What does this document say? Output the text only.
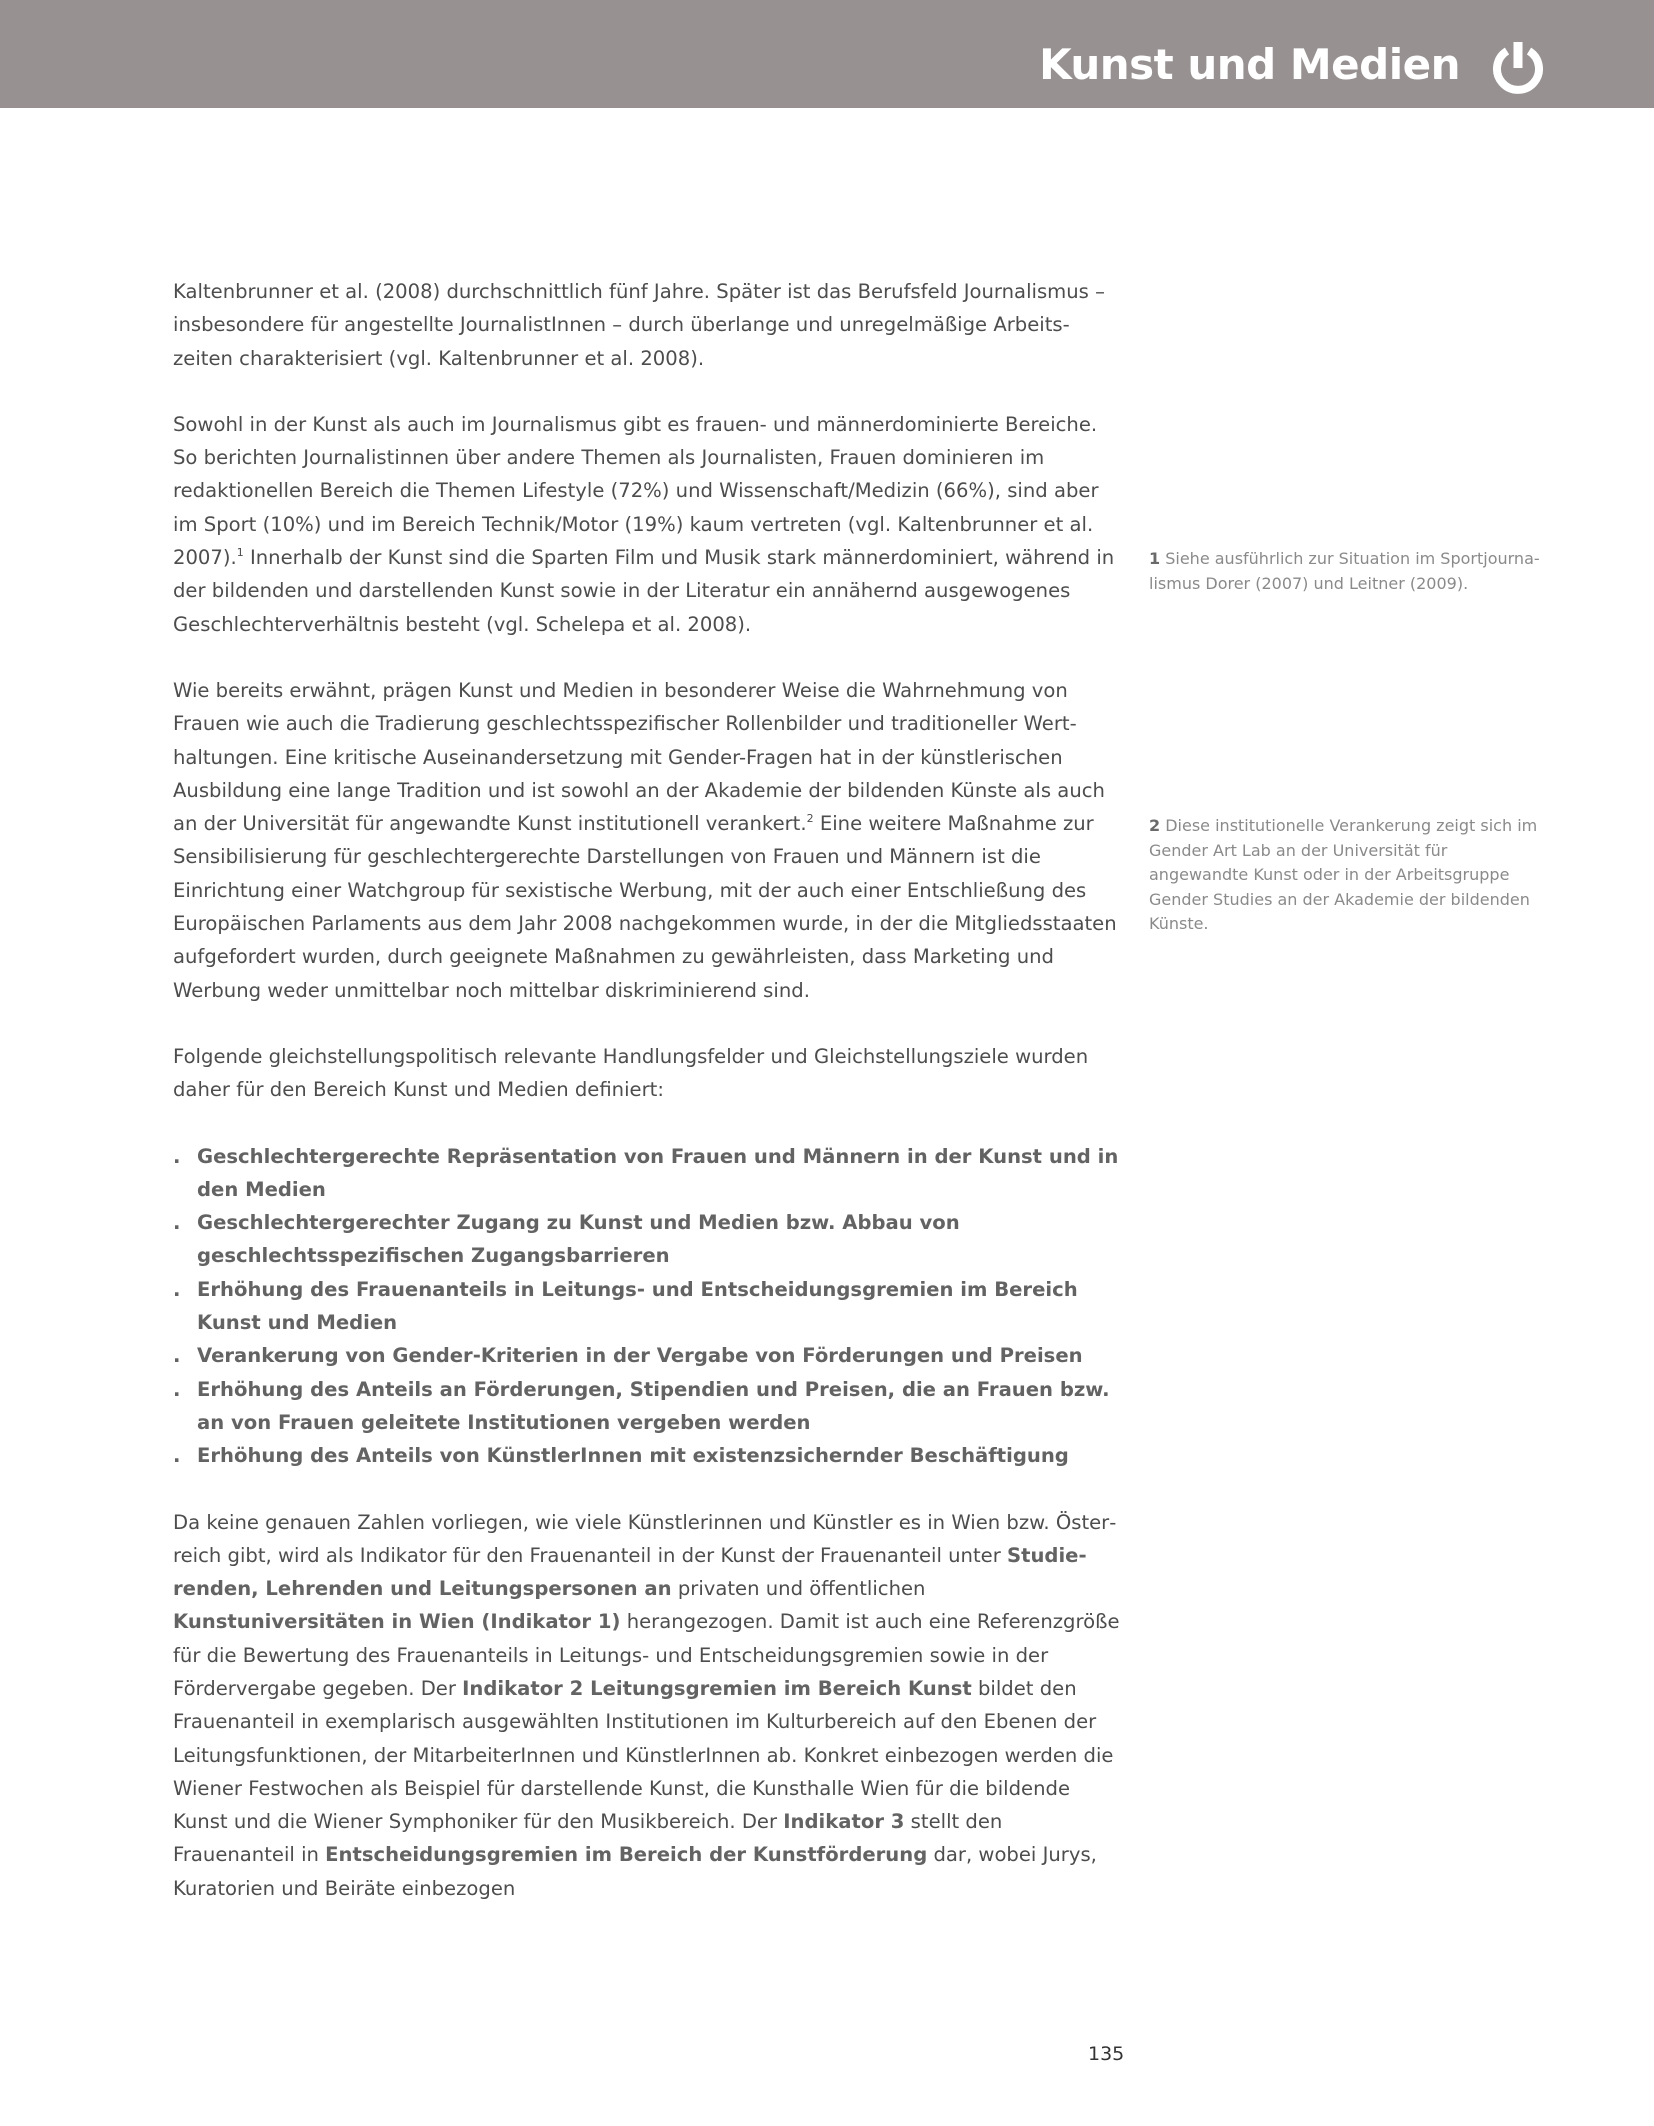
Kunst und Medien

Kaltenbrunner et al. (2008) durchschnittlich fünf Jahre. Später ist das Berufsfeld Journalismus – insbesondere für angestellte JournalistInnen – durch überlange und unregelmäßige Arbeitszeiten charakterisiert (vgl. Kaltenbrunner et al. 2008).

Sowohl in der Kunst als auch im Journalismus gibt es frauen- und männerdominierte Bereiche. So berichten Journalistinnen über andere Themen als Journalisten, Frauen dominieren im redaktionellen Bereich die Themen Lifestyle (72%) und Wissenschaft/Medizin (66%), sind aber im Sport (10%) und im Bereich Technik/Motor (19%) kaum vertreten (vgl. Kaltenbrunner et al. 2007).$^1$ Innerhalb der Kunst sind die Sparten Film und Musik stark männerdominiert, während in der bildenden und darstellenden Kunst sowie in der Literatur ein annähernd ausgewogenes Geschlechterverhältnis besteht (vgl. Schelepa et al. 2008).

Wie bereits erwähnt, prägen Kunst und Medien in besonderer Weise die Wahrnehmung von Frauen wie auch die Tradierung geschlechtsspezifischer Rollenbilder und traditioneller Werthaltungen. Eine kritische Auseinandersetzung mit Gender-Fragen hat in der künstlerischen Ausbildung eine lange Tradition und ist sowohl an der Akademie der bildenden Künste als auch an der Universität für angewandte Kunst institutionell verankert.$^2$ Eine weitere Maßnahme zur Sensibilisierung für geschlechtergerechte Darstellungen von Frauen und Männern ist die Einrichtung einer Watchgroup für sexistische Werbung, mit der auch einer Entschließung des Europäischen Parlaments aus dem Jahr 2008 nachgekommen wurde, in der die Mitgliedsstaaten aufgefordert wurden, durch geeignete Maßnahmen zu gewährleisten, dass Marketing und Werbung weder unmittelbar noch mittelbar diskriminierend sind.

Folgende gleichstellungspolitisch relevante Handlungsfelder und Gleichstellungsziele wurden daher für den Bereich Kunst und Medien definiert:

. Geschlechtergerechte Repräsentation von Frauen und Männern in der Kunst und in den Medien
. Geschlechtergerechter Zugang zu Kunst und Medien bzw. Abbau von geschlechtsspezifischen Zugangsbarrieren
. Erhöhung des Frauenanteils in Leitungs- und Entscheidungsgremien im Bereich Kunst und Medien
. Verankerung von Gender-Kriterien in der Vergabe von Förderungen und Preisen
. Erhöhung des Anteils an Förderungen, Stipendien und Preisen, die an Frauen bzw. an von Frauen geleitete Institutionen vergeben werden
. Erhöhung des Anteils von KünstlerInnen mit existenzsichernder Beschäftigung

Da keine genauen Zahlen vorliegen, wie viele Künstlerinnen und Künstler es in Wien bzw. Österreich gibt, wird als Indikator für den Frauenanteil in der Kunst der Frauenanteil unter Studierenden, Lehrenden und Leitungspersonen an privaten und öffentlichen Kunstuniversitäten in Wien (Indikator 1) herangezogen. Damit ist auch eine Referenzgröße für die Bewertung des Frauenanteils in Leitungs- und Entscheidungsgremien sowie in der Fördervergabe gegeben. Der Indikator 2 Leitungsgremien im Bereich Kunst bildet den Frauenanteil in exemplarisch ausgewählten Institutionen im Kulturbereich auf den Ebenen der Leitungsfunktionen, der MitarbeiterInnen und KünstlerInnen ab. Konkret einbezogen werden die Wiener Festwochen als Beispiel für darstellende Kunst, die Kunsthalle Wien für die bildende Kunst und die Wiener Symphoniker für den Musikbereich. Der Indikator 3 stellt den Frauenanteil in Entscheidungsgremien im Bereich der Kunstförderung dar, wobei Jurys, Kuratorien und Beiräte einbezogen

1 Siehe ausführlich zur Situation im Sportjournalismus Dorer (2007) und Leitner (2009).
2 Diese institutionelle Verankerung zeigt sich im Gender Art Lab an der Universität für angewandte Kunst oder in der Arbeitsgruppe Gender Studies an der Akademie der bildenden Künste.
135
